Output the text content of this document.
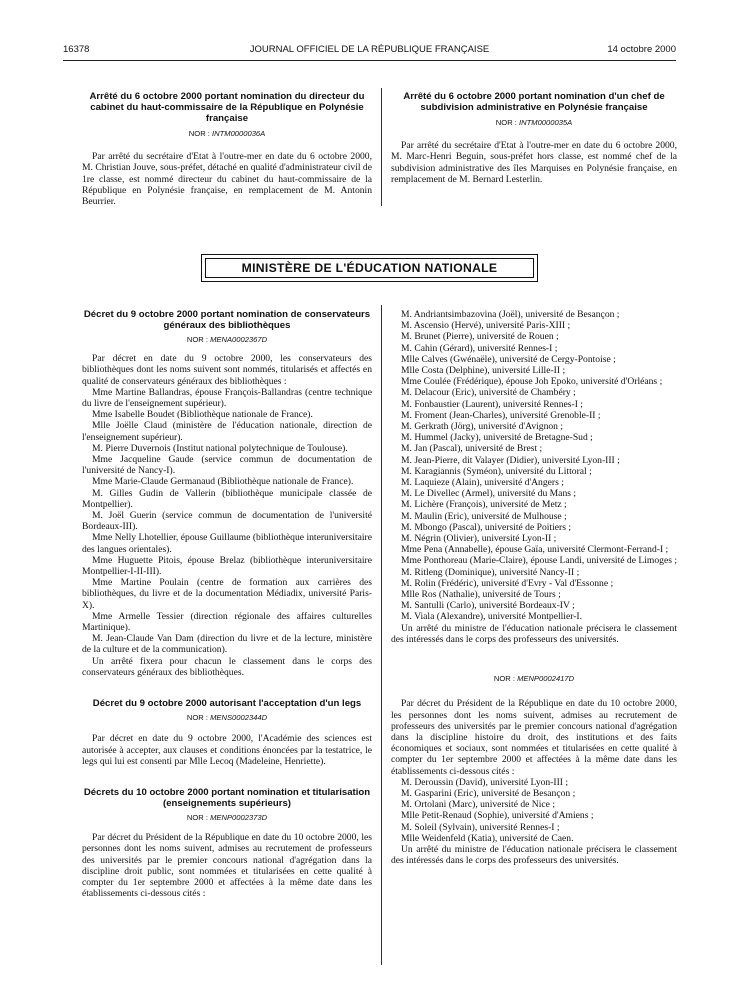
16378	JOURNAL OFFICIEL DE LA RÉPUBLIQUE FRANÇAISE	14 octobre 2000

Arrêté du 6 octobre 2000 portant nomination du directeur du cabinet du haut-commissaire de la République en Polynésie française

NOR : INTM0000036A

Par arrêté du secrétaire d'Etat à l'outre-mer en date du 6 octobre 2000, M. Christian Jouve, sous-préfet, détaché en qualité d'administrateur civil de 1re classe, est nommé directeur du cabinet du haut-commissaire de la République en Polynésie française, en remplacement de M. Antonin Beurrier.

Arrêté du 6 octobre 2000 portant nomination d'un chef de subdivision administrative en Polynésie française

NOR : INTM0000035A

Par arrêté du secrétaire d'Etat à l'outre-mer en date du 6 octobre 2000, M. Marc-Henri Beguin, sous-préfet hors classe, est nommé chef de la subdivision administrative des îles Marquises en Polynésie française, en remplacement de M. Bernard Lesterlin.

MINISTÈRE DE L'ÉDUCATION NATIONALE

Décret du 9 octobre 2000 portant nomination de conservateurs généraux des bibliothèques

NOR : MENA0002367D

Par décret en date du 9 octobre 2000, les conservateurs des bibliothèques dont les noms suivent sont nommés, titularisés et affectés en qualité de conservateurs généraux des bibliothèques :

Mme Martine Ballandras, épouse François-Ballandras (centre technique du livre de l'enseignement supérieur).

Mme Isabelle Boudet (Bibliothèque nationale de France).

Mlle Joëlle Claud (ministère de l'éducation nationale, direction de l'enseignement supérieur).

M. Pierre Duvernois (Institut national polytechnique de Toulouse).

Mme Jacqueline Gaude (service commun de documentation de l'université de Nancy-I).

Mme Marie-Claude Germanaud (Bibliothèque nationale de France).

M. Gilles Gudin de Vallerin (bibliothèque municipale classée de Montpellier).

M. Joël Guerin (service commun de documentation de l'université Bordeaux-III).

Mme Nelly Lhotellier, épouse Guillaume (bibliothèque interuniversitaire des langues orientales).

Mme Huguette Pitois, épouse Brelaz (bibliothèque interuniversitaire Montpellier-I-II-III).

Mme Martine Poulain (centre de formation aux carrières des bibliothèques, du livre et de la documentation Médiadix, université Paris-X).

Mme Armelle Tessier (direction régionale des affaires culturelles Martinique).

M. Jean-Claude Van Dam (direction du livre et de la lecture, ministère de la culture et de la communication).

Un arrêté fixera pour chacun le classement dans le corps des conservateurs généraux des bibliothèques.

Décret du 9 octobre 2000 autorisant l'acceptation d'un legs

NOR : MENS0002344D

Par décret en date du 9 octobre 2000, l'Académie des sciences est autorisée à accepter, aux clauses et conditions énoncées par la testatrice, le legs qui lui est consenti par Mlle Lecoq (Madeleine, Henriette).

Décrets du 10 octobre 2000 portant nomination et titularisation (enseignements supérieurs)

NOR : MENP0002373D

Par décret du Président de la République en date du 10 octobre 2000, les personnes dont les noms suivent, admises au recrutement de professeurs des universités par le premier concours national d'agrégation dans la discipline droit public, sont nommées et titularisées en cette qualité à compter du 1er septembre 2000 et affectées à la même date dans les établissements ci-dessous cités :

M. Andriantsimbazovina (Joël), université de Besançon ;

M. Ascensio (Hervé), université Paris-XIII ;

M. Brunet (Pierre), université de Rouen ;

M. Cahin (Gérard), université Rennes-I ;

Mlle Calves (Gwénaële), université de Cergy-Pontoise ;

Mlle Costa (Delphine), université Lille-II ;

Mme Coulée (Frédérique), épouse Joh Epoko, université d'Orléans ;

M. Delacour (Eric), université de Chambéry ;

M. Fonbaustier (Laurent), université Rennes-I ;

M. Froment (Jean-Charles), université Grenoble-II ;

M. Gerkrath (Jörg), université d'Avignon ;

M. Hummel (Jacky), université de Bretagne-Sud ;

M. Jan (Pascal), université de Brest ;

M. Jean-Pierre, dit Valayer (Didier), université Lyon-III ;

M. Karagiannis (Syméon), université du Littoral ;

M. Laquieze (Alain), université d'Angers ;

M. Le Divellec (Armel), université du Mans ;

M. Lichère (François), université de Metz ;

M. Maulin (Eric), université de Mulhouse ;

M. Mbongo (Pascal), université de Poitiers ;

M. Négrin (Olivier), université Lyon-II ;

Mme Pena (Annabelle), épouse Gaïa, université Clermont-Ferrand-I ;

Mme Ponthoreau (Marie-Claire), épouse Landi, université de Limoges ;

M. Ritleng (Dominique), université Nancy-II ;

M. Rolin (Frédéric), université d'Evry - Val d'Essonne ;

Mlle Ros (Nathalie), université de Tours ;

M. Santulli (Carlo), université Bordeaux-IV ;

M. Viala (Alexandre), université Montpellier-I.

Un arrêté du ministre de l'éducation nationale précisera le classement des intéressés dans le corps des professeurs des universités.

NOR : MENP0002417D

Par décret du Président de la République en date du 10 octobre 2000, les personnes dont les noms suivent, admises au recrutement de professeurs des universités par le premier concours national d'agrégation dans la discipline histoire du droit, des institutions et des faits économiques et sociaux, sont nommées et titularisées en cette qualité à compter du 1er septembre 2000 et affectées à la même date dans les établissements ci-dessous cités :

M. Deroussin (David), université Lyon-III ;

M. Gasparini (Eric), université de Besançon ;

M. Ortolani (Marc), université de Nice ;

Mlle Petit-Renaud (Sophie), université d'Amiens ;

M. Soleil (Sylvain), université Rennes-I ;

Mlle Weidenfeld (Katia), université de Caen.

Un arrêté du ministre de l'éducation nationale précisera le classement des intéressés dans le corps des professeurs des universités.
